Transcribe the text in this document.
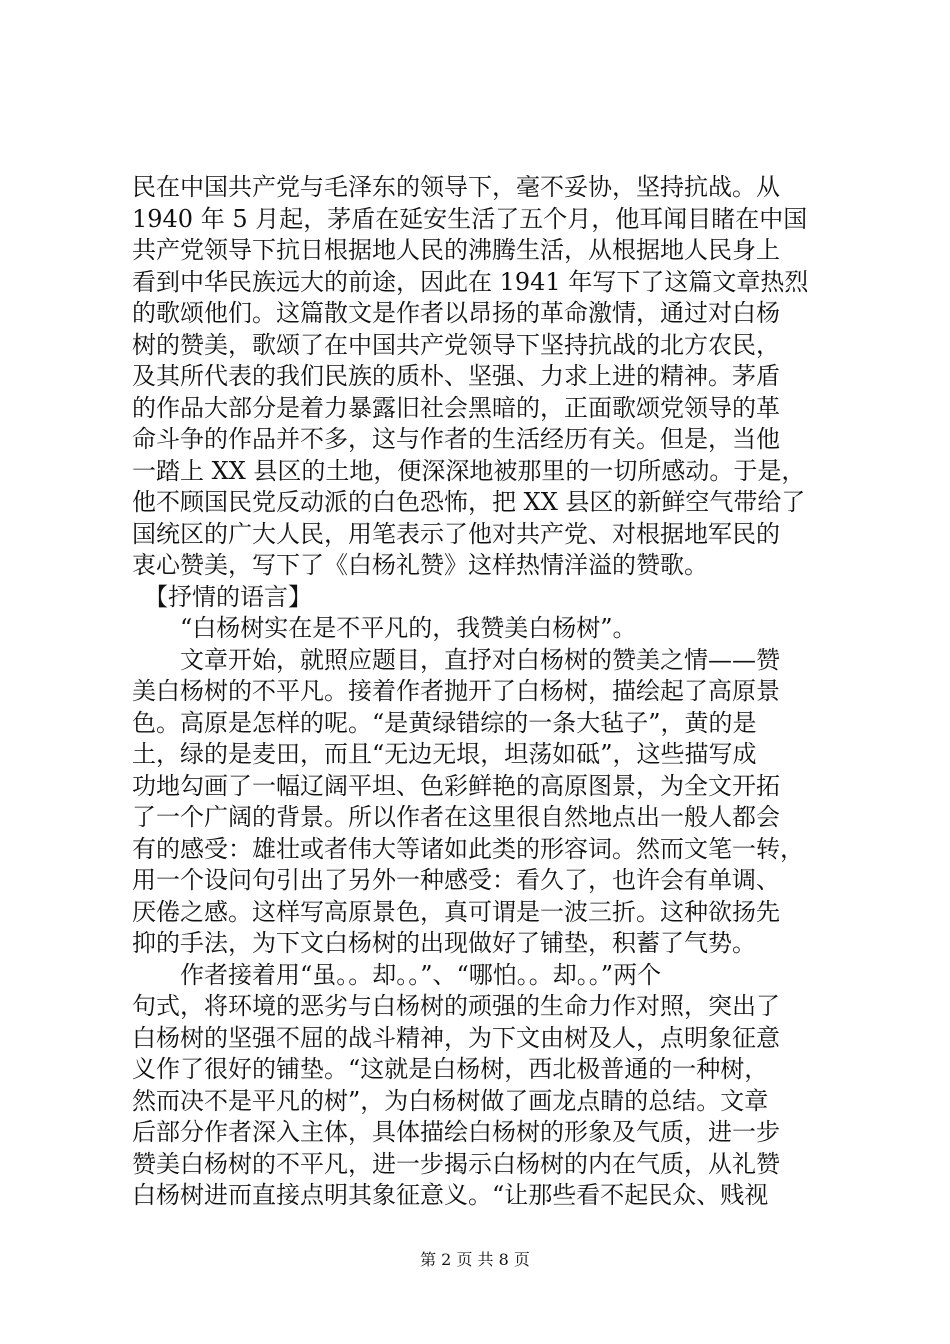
民在中国共产党与毛泽东的领导下，毫不妥协，坚持抗战。从
1940 年 5 月起，茅盾在延安生活了五个月，他耳闻目睹在中国
共产党领导下抗日根据地人民的沸腾生活，从根据地人民身上
看到中华民族远大的前途，因此在 1941 年写下了这篇文章热烈
的歌颂他们。这篇散文是作者以昂扬的革命激情，通过对白杨
树的赞美，歌颂了在中国共产党领导下坚持抗战的北方农民，
及其所代表的我们民族的质朴、坚强、力求上进的精神。茅盾
的作品大部分是着力暴露旧社会黑暗的，正面歌颂党领导的革
命斗争的作品并不多，这与作者的生活经历有关。但是，当他
一踏上 XX 县区的土地，便深深地被那里的一切所感动。于是，
他不顾国民党反动派的白色恐怖，把 XX 县区的新鲜空气带给了
国统区的广大人民，用笔表示了他对共产党、对根据地军民的
衷心赞美，写下了《白杨礼赞》这样热情洋溢的赞歌。
　【抒情的语言】
　　“白杨树实在是不平凡的，我赞美白杨树”。
　　文章开始，就照应题目，直抒对白杨树的赞美之情——赞
美白杨树的不平凡。接着作者抛开了白杨树，描绘起了高原景
色。高原是怎样的呢。“是黄绿错综的一条大毡子”，黄的是
土，绿的是麦田，而且“无边无垠，坦荡如砥”，这些描写成
功地勾画了一幅辽阔平坦、色彩鲜艳的高原图景，为全文开拓
了一个广阔的背景。所以作者在这里很自然地点出一般人都会
有的感受：雄壮或者伟大等诸如此类的形容词。然而文笔一转，
用一个设问句引出了另外一种感受：看久了，也许会有单调、
厌倦之感。这样写高原景色，真可谓是一波三折。这种欲扬先
抑的手法，为下文白杨树的出现做好了铺垫，积蓄了气势。
　　作者接着用“虽。。却。。”、“哪怕。。却。。”两个
句式，将环境的恶劣与白杨树的顽强的生命力作对照，突出了
白杨树的坚强不屈的战斗精神，为下文由树及人，点明象征意
义作了很好的铺垫。“这就是白杨树，西北极普通的一种树，
然而决不是平凡的树”，为白杨树做了画龙点睛的总结。文章
后部分作者深入主体，具体描绘白杨树的形象及气质，进一步
赞美白杨树的不平凡，进一步揭示白杨树的内在气质，从礼赞
白杨树进而直接点明其象征意义。“让那些看不起民众、贱视
第 2 页 共 8 页
